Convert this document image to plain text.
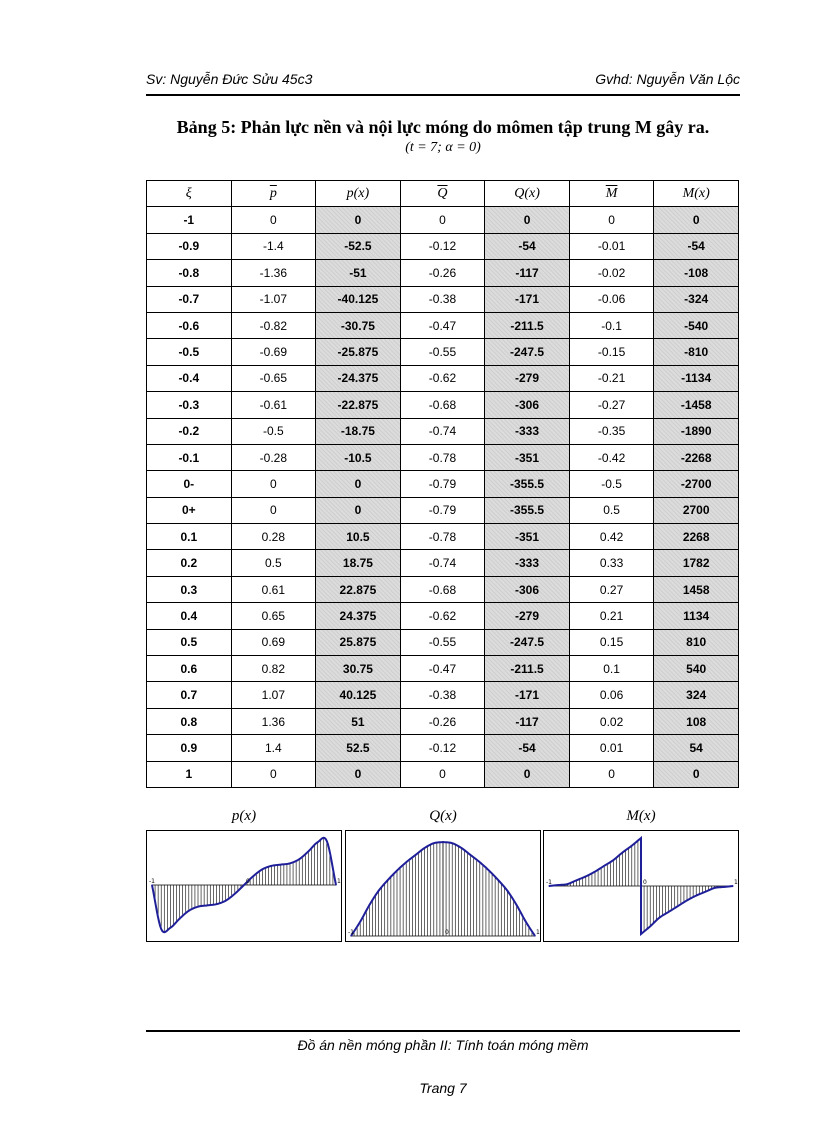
Sv: Nguyễn Đức Sửu 45c3	Gvhd: Nguyễn Văn Lộc
Bảng 5: Phản lực nền và nội lực móng do mômen tập trung M gây ra.
(t = 7; α = 0)
ξ	$\overline{p}$	p(x)	$\overline{Q}$	Q(x)	$\overline{M}$	M(x)
-1	0	0	0	0	0	0
-0.9	-1.4	-52.5	-0.12	-54	-0.01	-54
-0.8	-1.36	-51	-0.26	-117	-0.02	-108
-0.7	-1.07	-40.125	-0.38	-171	-0.06	-324
-0.6	-0.82	-30.75	-0.47	-211.5	-0.1	-540
-0.5	-0.69	-25.875	-0.55	-247.5	-0.15	-810
-0.4	-0.65	-24.375	-0.62	-279	-0.21	-1134
-0.3	-0.61	-22.875	-0.68	-306	-0.27	-1458
-0.2	-0.5	-18.75	-0.74	-333	-0.35	-1890
-0.1	-0.28	-10.5	-0.78	-351	-0.42	-2268
0-	0	0	-0.79	-355.5	-0.5	-2700
0+	0	0	-0.79	-355.5	0.5	2700
0.1	0.28	10.5	-0.78	-351	0.42	2268
0.2	0.5	18.75	-0.74	-333	0.33	1782
0.3	0.61	22.875	-0.68	-306	0.27	1458
0.4	0.65	24.375	-0.62	-279	0.21	1134
0.5	0.69	25.875	-0.55	-247.5	0.15	810
0.6	0.82	30.75	-0.47	-211.5	0.1	540
0.7	1.07	40.125	-0.38	-171	0.06	324
0.8	1.36	51	-0.26	-117	0.02	108
0.9	1.4	52.5	-0.12	-54	0.01	54
1	0	0	0	0	0	0
p(x)	Q(x)	M(x)
-1	0	1
-1	0	1
-1	0	1
Đồ án nền móng phần II: Tính toán móng mềm
Trang 7
